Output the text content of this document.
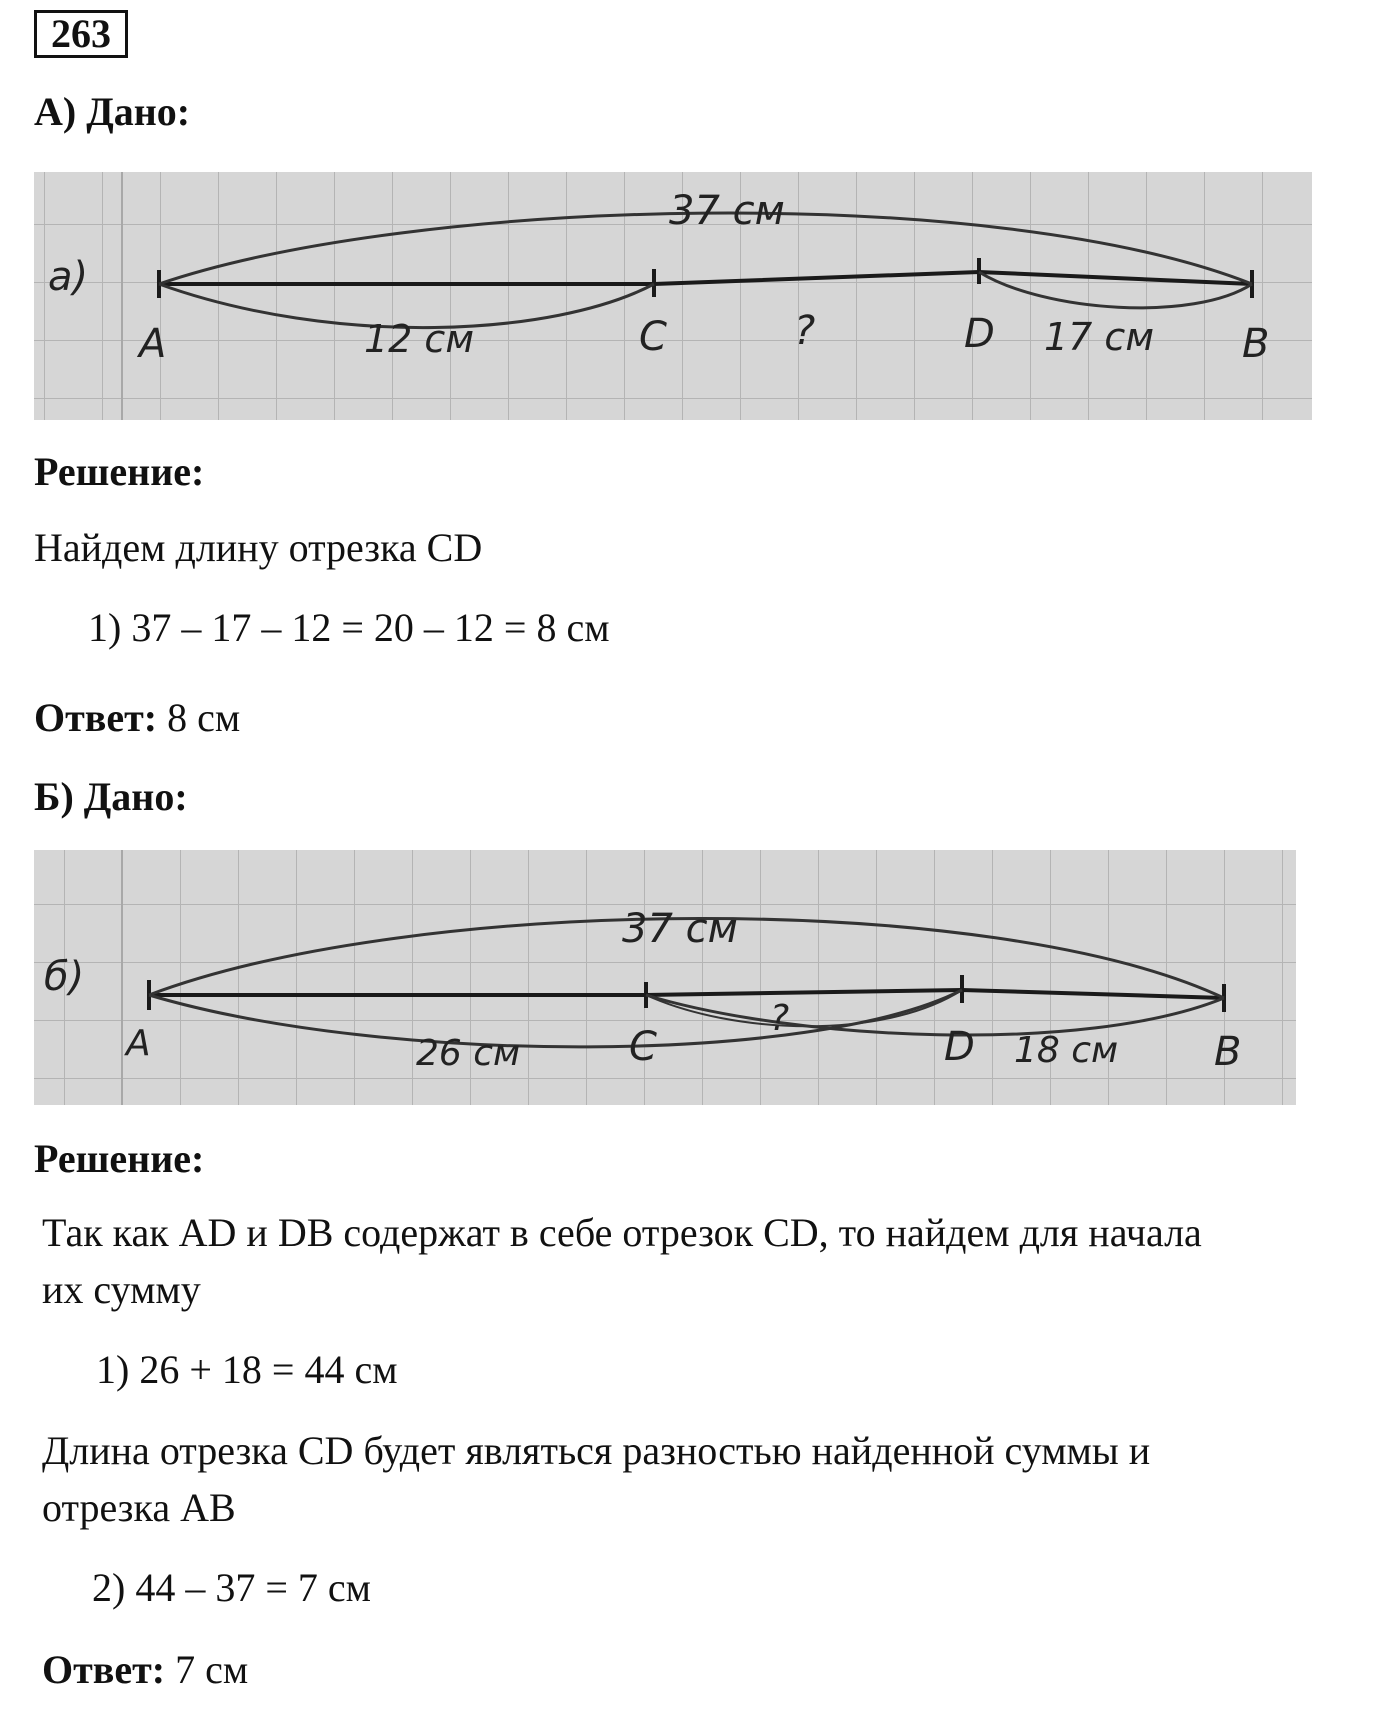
263
А) Дано:
а)
37 см
A	12 см	C	?	D 17 см B
Решение:
Найдем длину отрезка CD
1) 37 – 17 – 12 = 20 – 12 = 8 см
Ответ: 8 см
Б) Дано:
б)
37 см
A	26 см	C
?
D 18 см B
Решение:
Так как AD и DB содержат в себе отрезок CD, то найдем для начала
их сумму
1) 26 + 18 = 44 см
Длина отрезка CD будет являться разностью найденной суммы и
отрезка AB
2) 44 – 37 = 7 см
Ответ: 7 см
